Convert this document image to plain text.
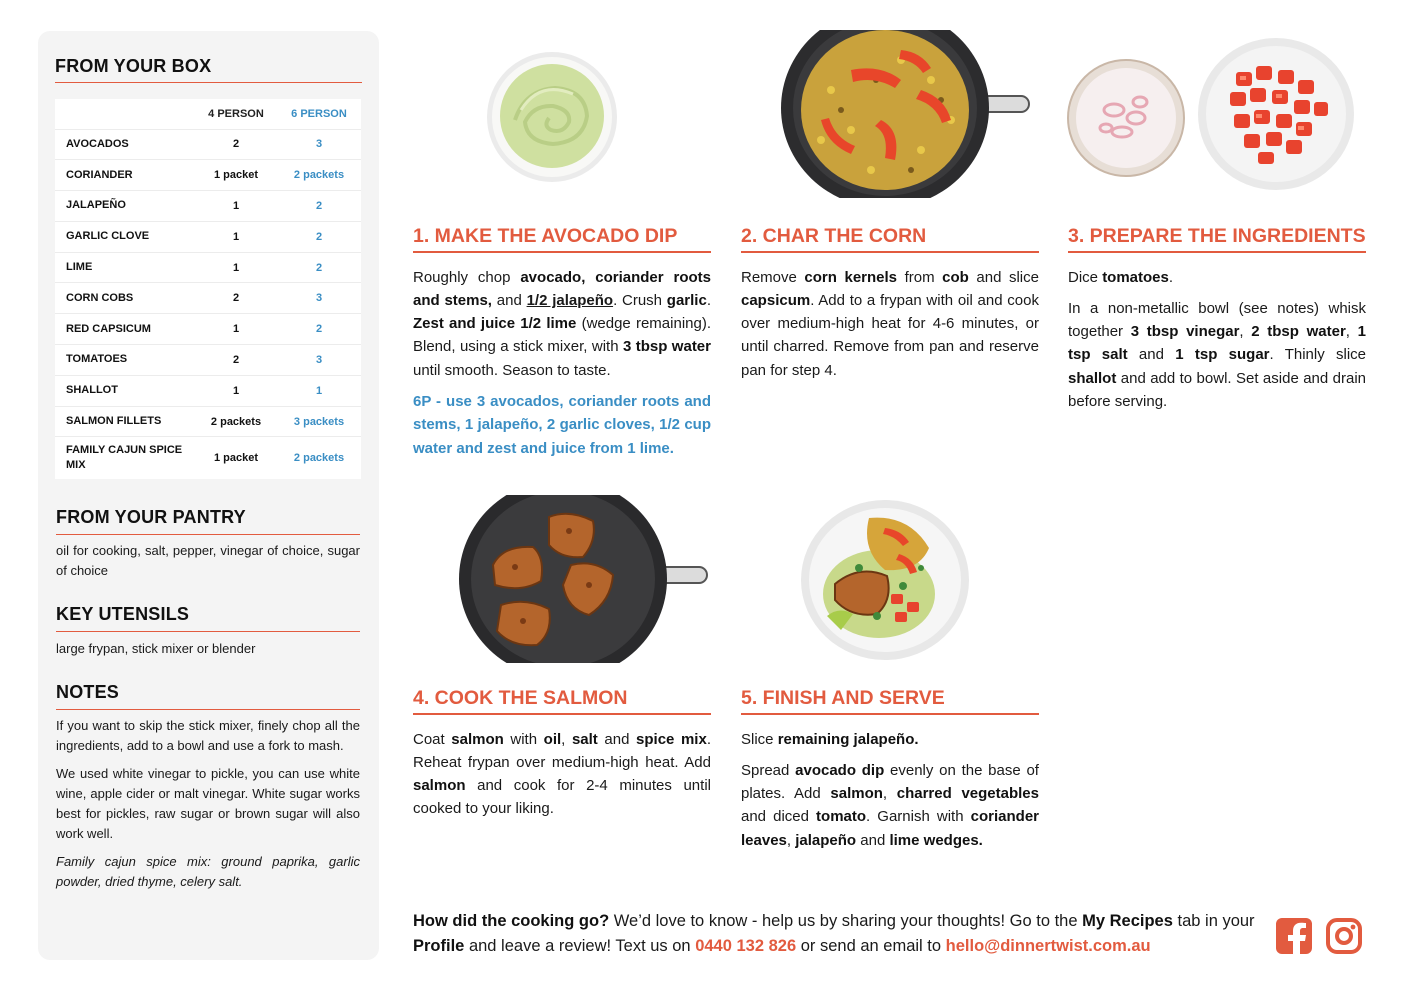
FROM YOUR BOX
	4 PERSON	6 PERSON
AVOCADOS	2	3
CORIANDER	1 packet	2 packets
JALAPEÑO	1	2
GARLIC CLOVE	1	2
LIME	1	2
CORN COBS	2	3
RED CAPSICUM	1	2
TOMATOES	2	3
SHALLOT	1	1
SALMON FILLETS	2 packets	3 packets
FAMILY CAJUN SPICE MIX	1 packet	2 packets
FROM YOUR PANTRY
oil for cooking, salt, pepper, vinegar of choice, sugar of choice
KEY UTENSILS
large frypan, stick mixer or blender
NOTES

If you want to skip the stick mixer, finely chop all the ingredients, add to a bowl and use a fork to mash.

We used white vinegar to pickle, you can use white wine, apple cider or malt vinegar. White sugar works best for pickles, raw sugar or brown sugar will also work well.

Family cajun spice mix: ground paprika, garlic powder, dried thyme, celery salt.

1. MAKE THE AVOCADO DIP

Roughly chop avocado, coriander roots and stems, and 1/2 jalapeño. Crush garlic. Zest and juice 1/2 lime (wedge remaining). Blend, using a stick mixer, with 3 tbsp water until smooth. Season to taste.

6P - use 3 avocados, coriander roots and stems, 1 jalapeño, 2 garlic cloves, 1/2 cup water and zest and juice from 1 lime.

2. CHAR THE CORN

Remove corn kernels from cob and slice capsicum. Add to a frypan with oil and cook over medium-high heat for 4-6 minutes, or until charred. Remove from pan and reserve pan for step 4.

3. PREPARE THE INGREDIENTS

Dice tomatoes.

In a non-metallic bowl (see notes) whisk together 3 tbsp vinegar, 2 tbsp water, 1 tsp salt and 1 tsp sugar. Thinly slice shallot and add to bowl. Set aside and drain before serving.

4. COOK THE SALMON

Coat salmon with oil, salt and spice mix. Reheat frypan over medium-high heat. Add salmon and cook for 2-4 minutes until cooked to your liking.

5. FINISH AND SERVE

Slice remaining jalapeño.

Spread avocado dip evenly on the base of plates. Add salmon, charred vegetables and diced tomato. Garnish with coriander leaves, jalapeño and lime wedges.

How did the cooking go? We’d love to know - help us by sharing your thoughts! Go to the My Recipes tab in your Profile and leave a review! Text us on 0440 132 826 or send an email to hello@dinnertwist.com.au
